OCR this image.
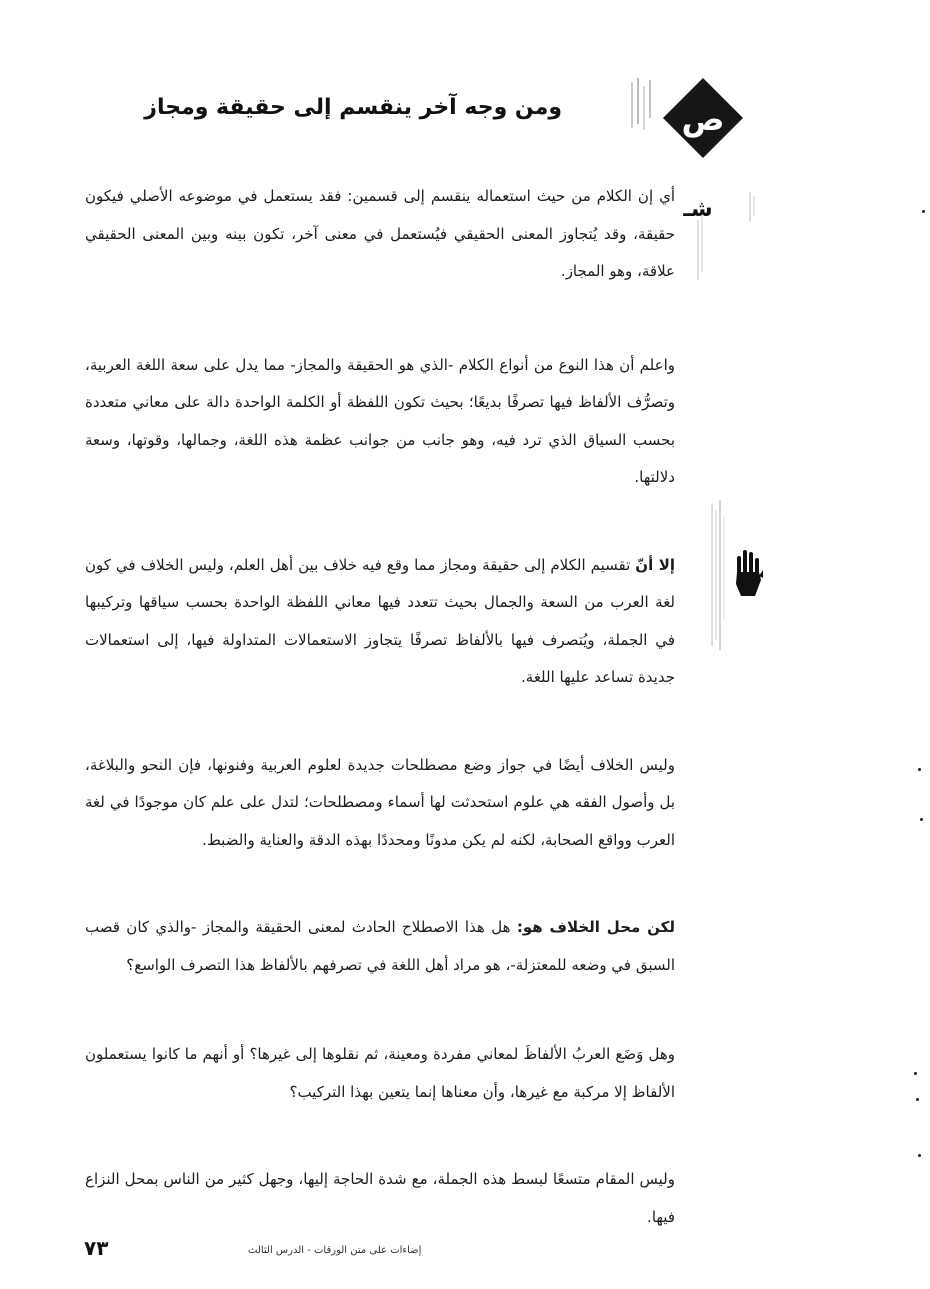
ص
ومن وجه آخر ينقسم إلى حقيقة ومجاز
شـ

أي إن الكلام من حيث استعماله ينقسم إلى قسمين: فقد يستعمل في موضوعه الأصلي فيكون حقيقة، وقد يُتجاوز المعنى الحقيقي فيُستعمل في معنى آخر، تكون بينه وبين المعنى الحقيقي علاقة، وهو المجاز.

واعلم أن هذا النوع من أنواع الكلام -الذي هو الحقيقة والمجاز- مما يدل على سعة اللغة العربية، وتصرُّف الألفاظ فيها تصرفًا بديعًا؛ بحيث تكون اللفظة أو الكلمة الواحدة دالة على معاني متعددة بحسب السياق الذي ترد فيه، وهو جانب من جوانب عظمة هذه اللغة، وجمالها، وقوتها، وسعة دلالتها.

إلا أنّ تقسيم الكلام إلى حقيقة ومجاز مما وقع فيه خلاف بين أهل العلم، وليس الخلاف في كون لغة العرب من السعة والجمال بحيث تتعدد فيها معاني اللفظة الواحدة بحسب سياقها وتركيبها في الجملة، ويُتصرف فيها بالألفاظ تصرفًا يتجاوز الاستعمالات المتداولة فيها، إلى استعمالات جديدة تساعد عليها اللغة.

وليس الخلاف أيضًا في جواز وضع مصطلحات جديدة لعلوم العربية وفنونها، فإن النحو والبلاغة، بل وأصول الفقه هي علوم استحدثت لها أسماء ومصطلحات؛ لتدل على علم كان موجودًا في لغة العرب وواقع الصحابة، لكنه لم يكن مدونًا ومحددًا بهذه الدقة والعناية والضبط.

لكن محل الخلاف هو: هل هذا الاصطلاح الحادث لمعنى الحقيقة والمجاز -والذي كان قصب السبق في وضعه للمعتزلة-، هو مراد أهل اللغة في تصرفهم بالألفاظ هذا التصرف الواسع؟

وهل وَضَع العربُ الألفاظَ لمعاني مفردة ومعينة، ثم نقلوها إلى غيرها؟ أو أنهم ما كانوا يستعملون الألفاظ إلا مركبة مع غيرها، وأن معناها إنما يتعين بهذا التركيب؟

وليس المقام متسعًا لبسط هذه الجملة، مع شدة الحاجة إليها، وجهل كثير من الناس بمحل النزاع فيها.

إضاءات على متن الورقات - الدرس الثالث
٧٣
